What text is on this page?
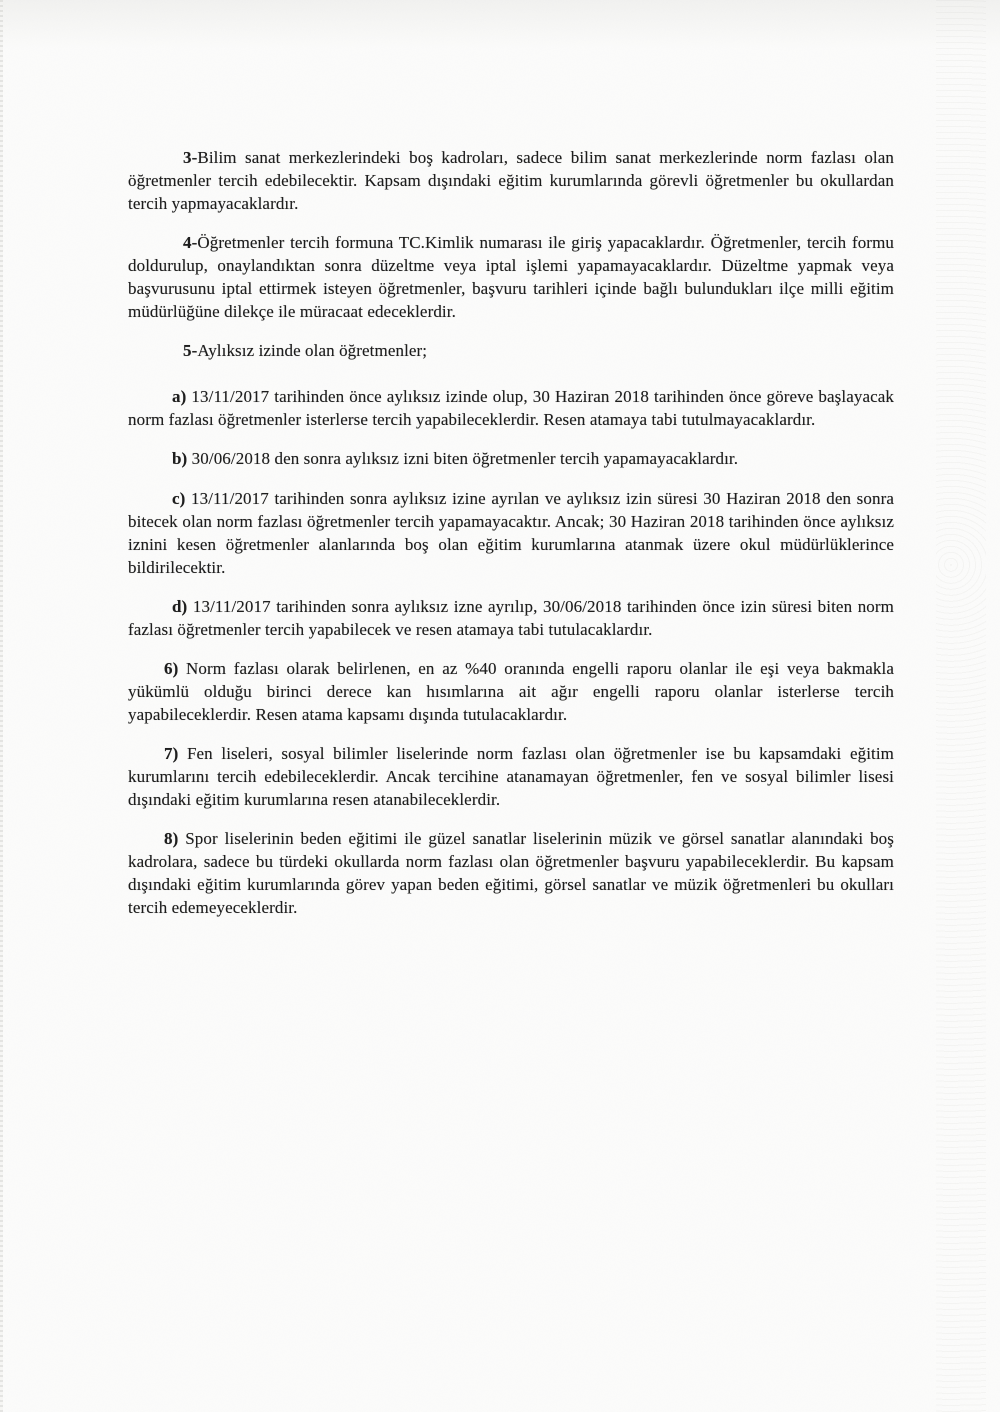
3-Bilim sanat merkezlerindeki boş kadroları, sadece bilim sanat merkezlerinde norm fazlası olan öğretmenler tercih edebilecektir. Kapsam dışındaki eğitim kurumlarında görevli öğretmenler bu okullardan tercih yapmayacaklardır.

4-Öğretmenler tercih formuna TC.Kimlik numarası ile giriş yapacaklardır. Öğretmenler, tercih formu doldurulup, onaylandıktan sonra düzeltme veya iptal işlemi yapamayacaklardır. Düzeltme yapmak veya başvurusunu iptal ettirmek isteyen öğretmenler, başvuru tarihleri içinde bağlı bulundukları ilçe milli eğitim müdürlüğüne dilekçe ile müracaat edeceklerdir.

5-Aylıksız izinde olan öğretmenler;

a) 13/11/2017 tarihinden önce aylıksız izinde olup, 30 Haziran 2018 tarihinden önce göreve başlayacak norm fazlası öğretmenler isterlerse tercih yapabileceklerdir. Resen atamaya tabi tutulmayacaklardır.

b) 30/06/2018 den sonra aylıksız izni biten öğretmenler tercih yapamayacaklardır.

c) 13/11/2017 tarihinden sonra aylıksız izine ayrılan ve aylıksız izin süresi 30 Haziran 2018 den sonra bitecek olan norm fazlası öğretmenler tercih yapamayacaktır. Ancak; 30 Haziran 2018 tarihinden önce aylıksız iznini kesen öğretmenler alanlarında boş olan eğitim kurumlarına atanmak üzere okul müdürlüklerince bildirilecektir.

d) 13/11/2017 tarihinden sonra aylıksız izne ayrılıp, 30/06/2018 tarihinden önce izin süresi biten norm fazlası öğretmenler tercih yapabilecek ve resen atamaya tabi tutulacaklardır.

6) Norm fazlası olarak belirlenen, en az %40 oranında engelli raporu olanlar ile eşi veya bakmakla yükümlü olduğu birinci derece kan hısımlarına ait ağır engelli raporu olanlar isterlerse tercih yapabileceklerdir. Resen atama kapsamı dışında tutulacaklardır.

7) Fen liseleri, sosyal bilimler liselerinde norm fazlası olan öğretmenler ise bu kapsamdaki eğitim kurumlarını tercih edebileceklerdir. Ancak tercihine atanamayan öğretmenler, fen ve sosyal bilimler lisesi dışındaki eğitim kurumlarına resen atanabileceklerdir.

8) Spor liselerinin beden eğitimi ile güzel sanatlar liselerinin müzik ve görsel sanatlar alanındaki boş kadrolara, sadece bu türdeki okullarda norm fazlası olan öğretmenler başvuru yapabileceklerdir. Bu kapsam dışındaki eğitim kurumlarında görev yapan beden eğitimi, görsel sanatlar ve müzik öğretmenleri bu okulları tercih edemeyeceklerdir.
